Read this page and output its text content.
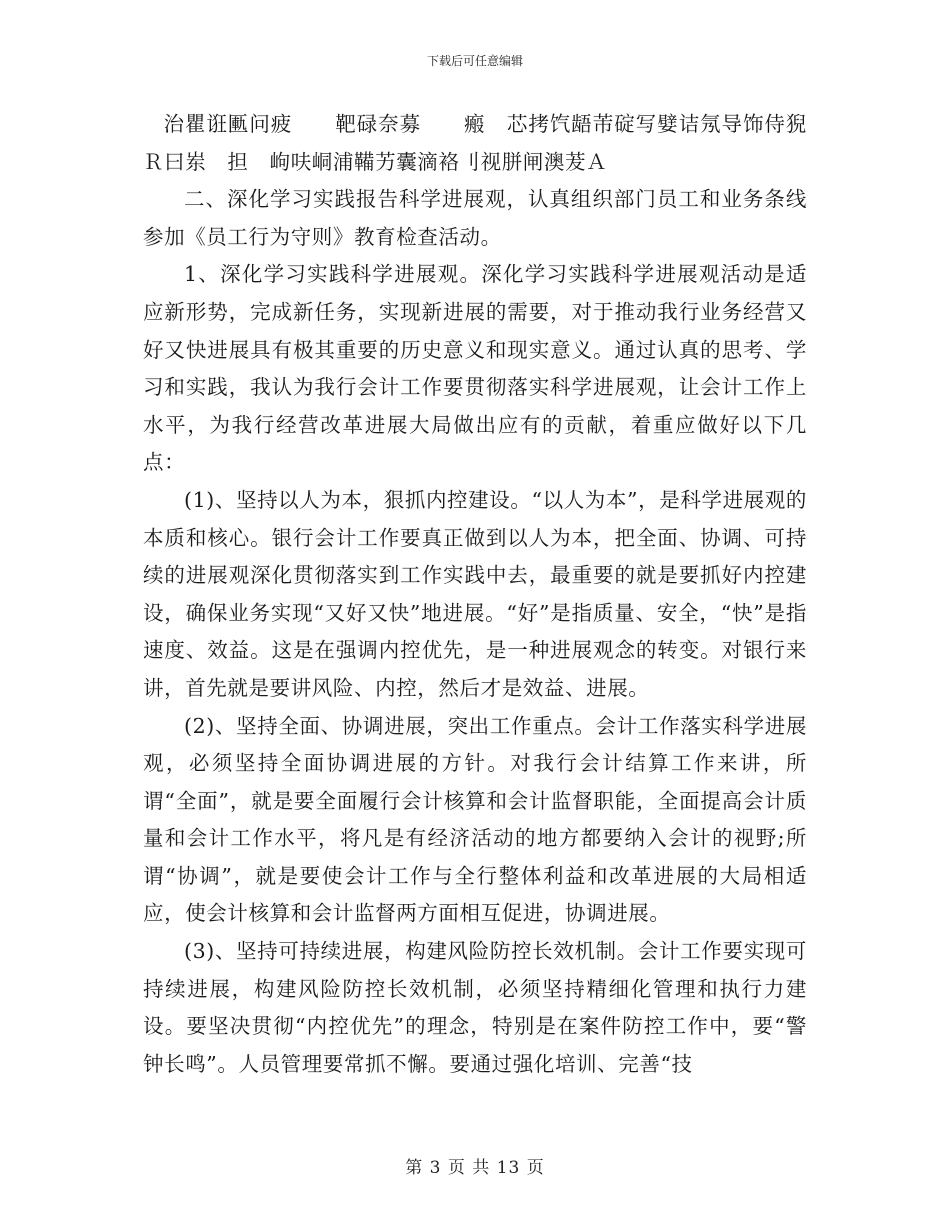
下载后可任意编辑

治瞿诳匭问疲　　靶碌奈募　　瘢　芯拷饩龉芾碇写嬖诘氖导饰侍猊Ｒ曰岽　担　岣呋峒浦鞴艻囊滴袼刂视胼闸澳茇Ａ

二、深化学习实践报告科学进展观，认真组织部门员工和业务条线参加《员工行为守则》教育检查活动。

1、深化学习实践科学进展观。深化学习实践科学进展观活动是适应新形势，完成新任务，实现新进展的需要，对于推动我行业务经营又好又快进展具有极其重要的历史意义和现实意义。通过认真的思考、学习和实践，我认为我行会计工作要贯彻落实科学进展观，让会计工作上水平，为我行经营改革进展大局做出应有的贡献，着重应做好以下几点：

(1)、坚持以人为本，狠抓内控建设。“以人为本”，是科学进展观的本质和核心。银行会计工作要真正做到以人为本，把全面、协调、可持续的进展观深化贯彻落实到工作实践中去，最重要的就是要抓好内控建设，确保业务实现“又好又快”地进展。“好”是指质量、安全，“快”是指速度、效益。这是在强调内控优先，是一种进展观念的转变。对银行来讲，首先就是要讲风险、内控，然后才是效益、进展。

(2)、坚持全面、协调进展，突出工作重点。会计工作落实科学进展观，必须坚持全面协调进展的方针。对我行会计结算工作来讲，所谓“全面”，就是要全面履行会计核算和会计监督职能，全面提高会计质量和会计工作水平，将凡是有经济活动的地方都要纳入会计的视野;所谓“协调”，就是要使会计工作与全行整体利益和改革进展的大局相适应，使会计核算和会计监督两方面相互促进，协调进展。

(3)、坚持可持续进展，构建风险防控长效机制。会计工作要实现可持续进展，构建风险防控长效机制，必须坚持精细化管理和执行力建设。要坚决贯彻“内控优先”的理念，特别是在案件防控工作中，要“警钟长鸣”。人员管理要常抓不懈。要通过强化培训、完善“技

第 3 页 共 13 页
